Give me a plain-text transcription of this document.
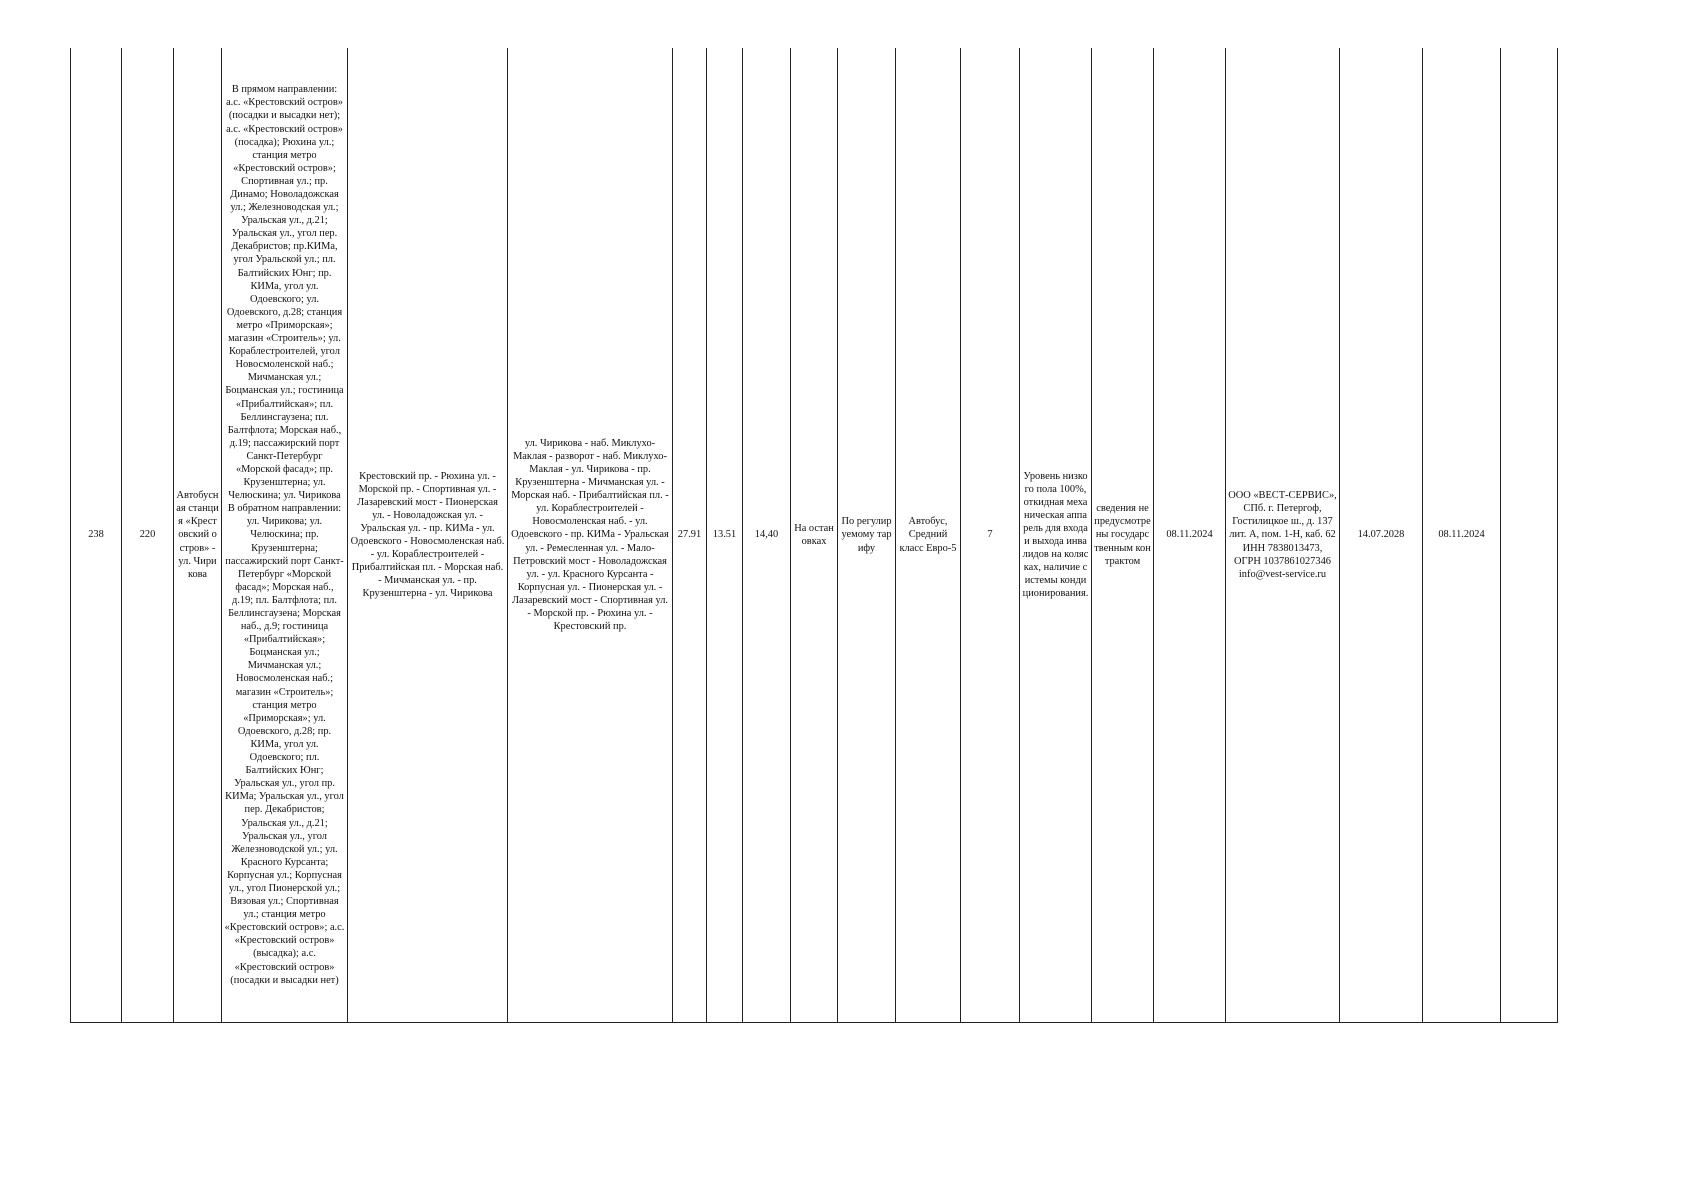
238	220	Автобусная станция «Крестовский остров» - ул. Чирикова	В прямом направлении: а.с. «Крестовский остров» (посадки и высадки нет); а.с. «Крестовский остров» (посадка); Рюхина ул.; станция метро «Крестовский остров»; Спортивная ул.; пр. Динамо; Новоладожская ул.; Железноводская ул.; Уральская ул., д.21; Уральская ул., угол пер. Декабристов; пр.КИМа, угол Уральской ул.; пл. Балтийских Юнг; пр. КИМа, угол ул. Одоевского; ул. Одоевского, д.28; станция метро «Приморская»; магазин «Строитель»; ул. Кораблестроителей, угол Новосмоленской наб.; Мичманская ул.; Боцманская ул.; гостиница «Прибалтийская»; пл. Беллинсгаузена; пл. Балтфлота; Морская наб., д.19; пассажирский порт Санкт-Петербург «Морской фасад»; пр. Крузенштерна; ул. Челюскина; ул. Чирикова В обратном направлении: ул. Чирикова; ул. Челюскина; пр. Крузенштерна; пассажирский порт Санкт-Петербург «Морской фасад»; Морская наб., д.19; пл. Балтфлота; пл. Беллинсгаузена; Морская наб., д.9; гостиница «Прибалтийская»; Боцманская ул.; Мичманская ул.; Новосмоленская наб.; магазин «Строитель»; станция метро «Приморская»; ул. Одоевского, д.28; пр. КИМа, угол ул. Одоевского; пл. Балтийских Юнг; Уральская ул., угол пр. КИМа; Уральская ул., угол пер. Декабристов; Уральская ул., д.21; Уральская ул., угол Железноводской ул.; ул. Красного Курсанта; Корпусная ул.; Корпусная ул., угол Пионерской ул.; Вязовая ул.; Спортивная ул.; станция метро «Крестовский остров»; а.с. «Крестовский остров» (высадка); а.с. «Крестовский остров» (посадки и высадки нет)	Крестовский пр. - Рюхина ул. - Морской пр. - Спортивная ул. - Лазаревский мост - Пионерская ул. - Новоладожская ул. - Уральская ул. - пр. КИМа - ул. Одоевского - Новосмоленская наб. - ул. Кораблестроителей - Прибалтийская пл. - Морская наб. - Мичманская ул. - пр. Крузенштерна - ул. Чирикова	ул. Чирикова - наб. Миклухо-Маклая - разворот - наб. Миклухо-Маклая - ул. Чирикова - пр. Крузенштерна - Мичманская ул. - Морская наб. - Прибалтийская пл. - ул. Кораблестроителей - Новосмоленская наб. - ул. Одоевского - пр. КИМа - Уральская ул. - Ремесленная ул. - Мало-Петровский мост - Новоладожская ул. - ул. Красного Курсанта - Корпусная ул. - Пионерская ул. - Лазаревский мост - Спортивная ул. - Морской пр. - Рюхина ул. - Крестовский пр.	27.91	13.51	14,40	На остановках	По регулируемому тарифу	Автобус, Средний класс Евро-5	7	Уровень низкого пола 100%, откидная механическая аппарель для входа и выхода инвалидов на колясках, наличие системы кондиционирования.	сведения не предусмотрены государственным контрактом	08.11.2024	ООО «ВЕСТ-СЕРВИС», СПб. г. Петергоф, Гостилицкое ш., д. 137 лит. А, пом. 1-Н, каб. 62 ИНН 7838013473, ОГРН 1037861027346 info@vest-service.ru	14.07.2028	08.11.2024	
